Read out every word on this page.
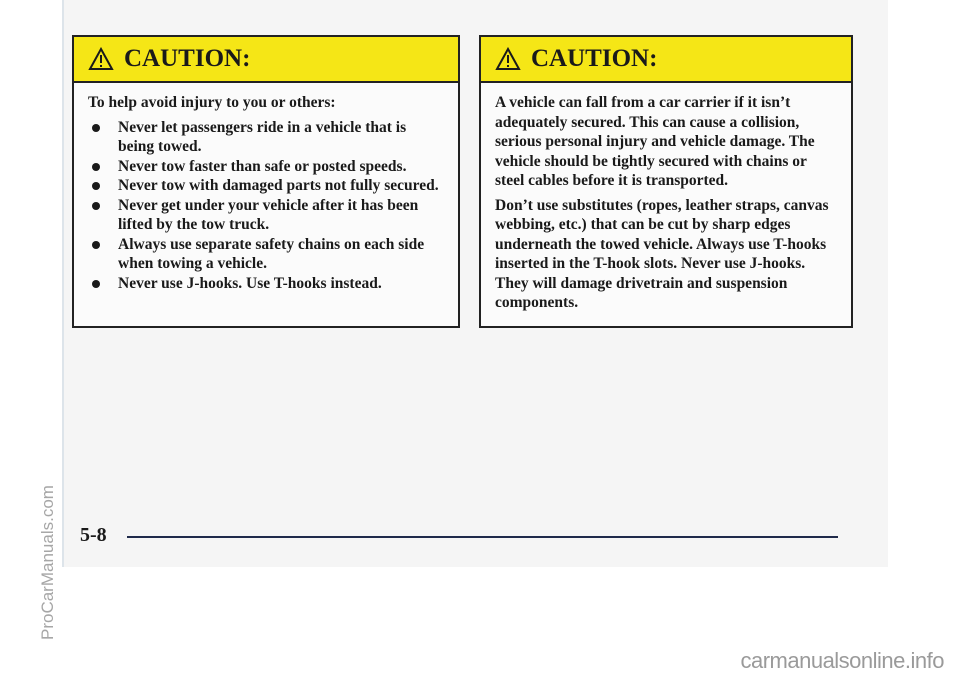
CAUTION:

To help avoid injury to you or others:

Never let passengers ride in a vehicle that is being towed.
Never tow faster than safe or posted speeds.
Never tow with damaged parts not fully secured.
Never get under your vehicle after it has been lifted by the tow truck.
Always use separate safety chains on each side when towing a vehicle.
Never use J-hooks. Use T-hooks instead.
CAUTION:

A vehicle can fall from a car carrier if it isn’t adequately secured. This can cause a collision, serious personal injury and vehicle damage. The vehicle should be tightly secured with chains or steel cables before it is transported.

Don’t use substitutes (ropes, leather straps, canvas webbing, etc.) that can be cut by sharp edges underneath the towed vehicle. Always use T-hooks inserted in the T-hook slots. Never use J-hooks. They will damage drivetrain and suspension components.

5-8
ProCarManuals.com
carmanualsonline.info
